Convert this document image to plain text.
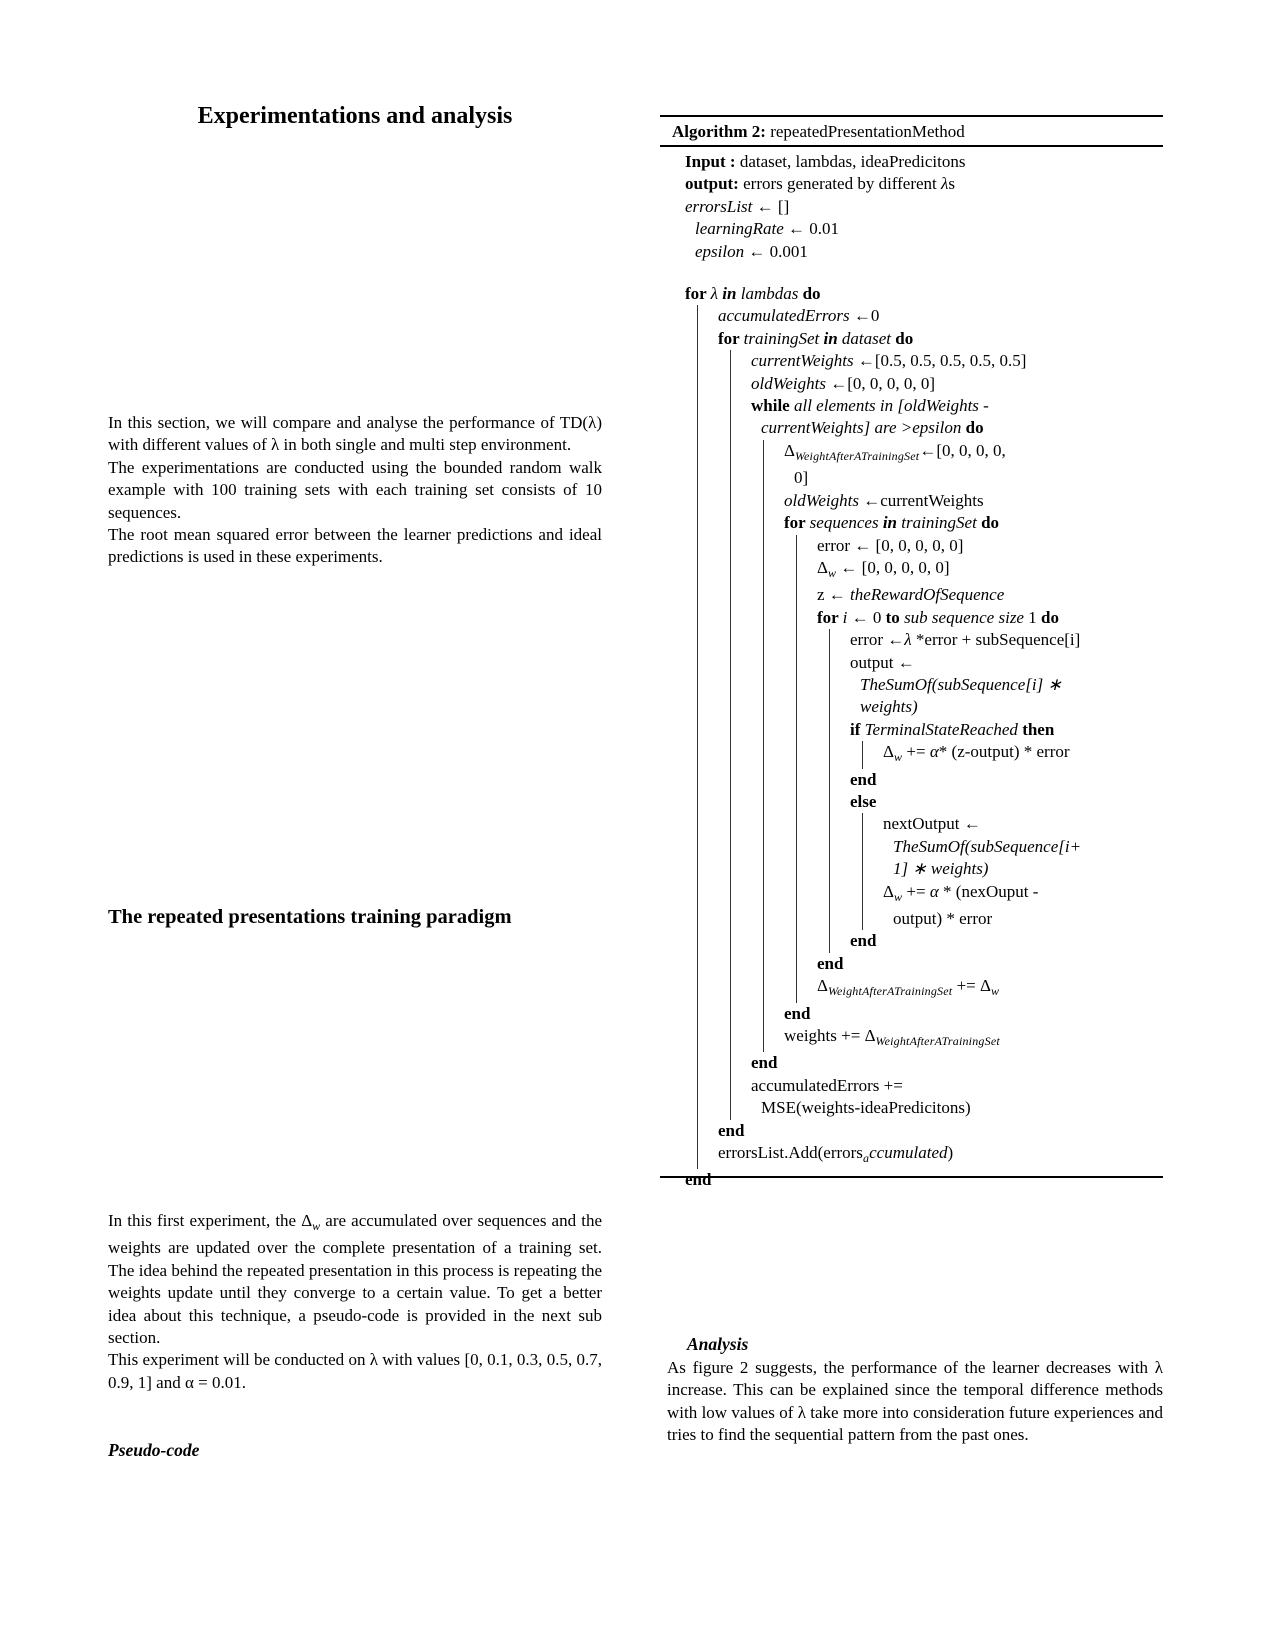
Experimentations and analysis

In this section, we will compare and analyse the performance of TD(λ) with different values of λ in both single and multi step environment.

The experimentations are conducted using the bounded random walk example with 100 training sets with each training set consists of 10 sequences.

The root mean squared error between the learner predictions and ideal predictions is used in these experiments.

The repeated presentations training paradigm

In this first experiment, the $\Delta_w$ are accumulated over sequences and the weights are updated over the complete presentation of a training set. The idea behind the repeated presentation in this process is repeating the weights update until they converge to a certain value. To get a better idea about this technique, a pseudo-code is provided in the next sub section.

This experiment will be conducted on λ with values [0, 0.1, 0.3, 0.5, 0.7, 0.9, 1] and α = 0.01.

Pseudo-code
Algorithm 2: repeatedPresentationMethod
Input : dataset, lambdas, ideaPredicitons
output: errors generated by different λs
errorsList ← []
learningRate ← 0.01
epsilon ← 0.001
for λ in lambdas do
accumulatedErrors ←0
for trainingSet in dataset do
currentWeights ←[0.5, 0.5, 0.5, 0.5, 0.5]
oldWeights ←[0, 0, 0, 0, 0]
while all elements in [oldWeights -
currentWeights] are >epsilon do
$\Delta_{WeightAfterATrainingSet}\leftarrow[0$, 0, 0, 0,
0]
oldWeights ←currentWeights
for sequences in trainingSet do
error ← [0, 0, 0, 0, 0]
$\Delta_w$ ← [0, 0, 0, 0, 0]
z ← theRewardOfSequence
for i ← 0 to sub sequence size 1 do
error ←λ *error + subSequence[i]
output ←
TheSumOf(subSequence[i] ∗
weights)
if TerminalStateReached then
$\Delta_w += \alpha*$ (z-output) * error
end
else
nextOutput ←
TheSumOf(subSequence[i+
1] ∗ weights)
$\Delta_w += \alpha$ * (nexOuput -
output) * error
end
end
$\Delta_{WeightAfterATrainingSet} += \Delta_w$
end
weights += $\Delta_{WeightAfterATrainingSet}$
end
accumulatedErrors +=
MSE(weights-ideaPredicitons)
end
errorsList.Add(errors$_a$ccumulated)
end
Analysis
As figure 2 suggests, the performance of the learner decreases with λ increase. This can be explained since the temporal difference methods with low values of λ take more into consideration future experiences and tries to find the sequential pattern from the past ones.
